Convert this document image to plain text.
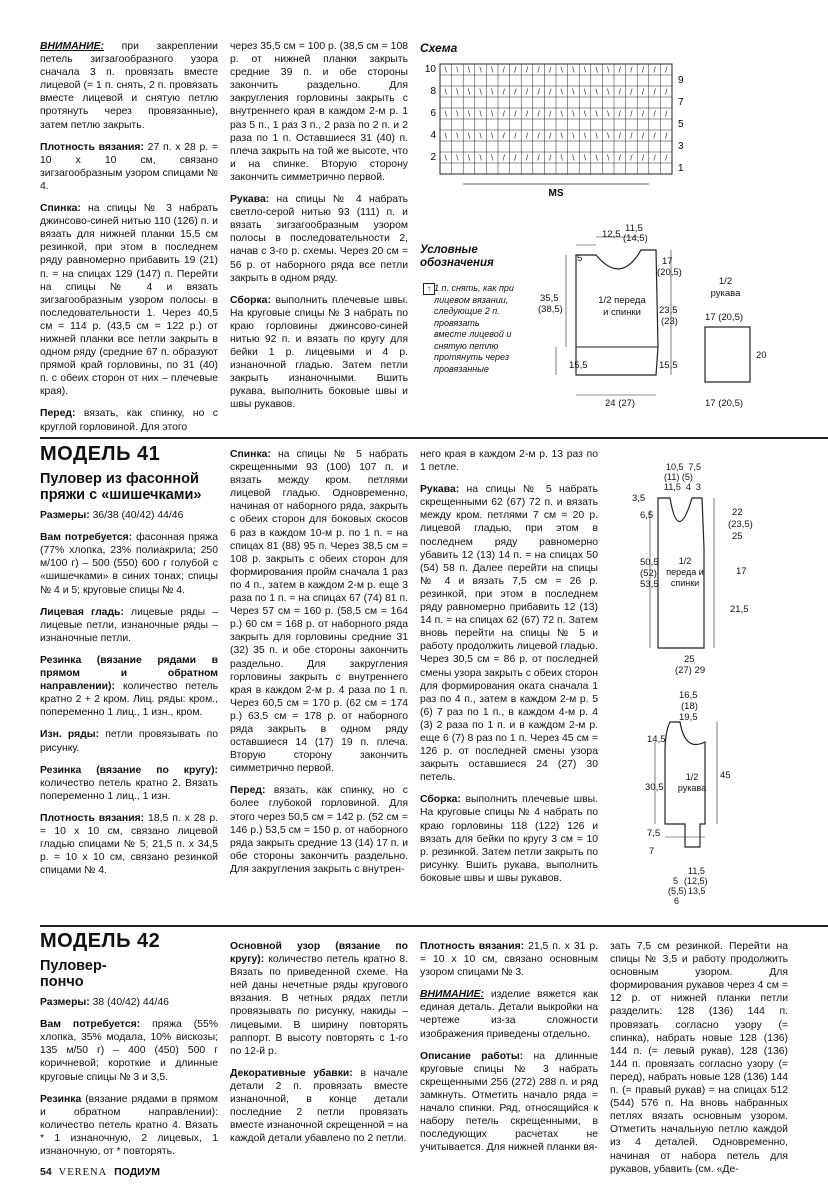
ВНИМАНИЕ: при закреплении петель зигзагообразного узора сначала 3 п. провязать вместе лицевой (= 1 п. снять, 2 п. провязать вместе лицевой и снятую петлю протянуть через провязанные), затем петлю закрыть.

Плотность вязания: 27 п. x 28 р. = 10 x 10 см, связано зигзагообразным узором спицами № 4.

Спинка: на спицы № 3 набрать джинсово-синей нитью 110 (126) п. и вязать для нижней планки 15,5 см резинкой, при этом в последнем ряду равномерно прибавить 19 (21) п. = на спицах 129 (147) п. Перейти на спицы № 4 и вязать зигзагообразным узором полосы в последовательности 1. Через 40,5 см = 114 р. (43,5 см = 122 р.) от нижней планки все петли закрыть в одном ряду (средние 67 п. образуют прямой край горловины, по 31 (40) п. с обеих сторон от них – плечевые края).

Перед: вязать, как спинку, но с круглой горловиной. Для этого

через 35,5 см = 100 р. (38,5 см = 108 р. от нижней планки закрыть средние 39 п. и обе стороны закончить раздельно. Для закругления горловины закрыть с внутреннего края в каждом 2-м р. 1 раз 5 п., 1 раз 3 п., 2 раза по 2 п. и 2 раза по 1 п. Оставшиеся 31 (40) п. плеча закрыть на той же высоте, что и на спинке. Вторую сторону закончить симметрично первой.

Рукава: на спицы № 4 набрать светло-серой нитью 93 (111) п. и вязать зигзагообразным узором полосы в последовательности 2, начав с 3-го р. схемы. Через 20 см = 56 р. от наборного ряда все петли закрыть в одном ряду.

Сборка: выполнить плечевые швы. На круговые спицы № 3 набрать по краю горловины джинсово-синей нитью 92 п. и вязать по кругу для бейки 1 р. лицевыми и 4 р. изнаночной гладью. Затем петли закрыть изнаночными. Вшить рукава, выполнить боковые швы и швы рукавов.

Схема
\ \ \ \ \ / / / / / \ \ \ \ \ / / / / /
\ \ \ \ \ / / / / / \ \ \ \ \ / / / / /
\ \ \ \ \ / / / / / \ \ \ \ \ / / / / /
\ \ \ \ \ / / / / / \ \ \ \ \ / / / / /
\ \ \ \ \ / / / / / \ \ \ \ \ / / / / /
MS
10
8
6
4
2
9
7
5
3
1
Условные обозначения
↑ 1 п. снять, как при лицевом вязании, следующие 2 п. провязать вместе лицевой и снятую петлю протянуть через провязанные
11,5
(14,5)
12,5
5	17
(20,5)
35,5
(38,5)	23,5
(23)
1/2 переда и спинки
15,5	15,5
24 (27)
1/2 рукава
17 (20,5)
20
17 (20,5)
МОДЕЛЬ 41
Пуловер из фасонной пряжи с «шишечками»

Размеры: 36/38 (40/42) 44/46

Вам потребуется: фасонная пряжа (77% хлопка, 23% полиакрила; 250 м/100 г) – 500 (550) 600 г голубой с «шишечками» в синих тонах; спицы № 4 и 5; круговые спицы № 4.

Лицевая гладь: лицевые ряды – лицевые петли, изнаночные ряды – изнаночные петли.

Резинка (вязание рядами в прямом и обратном направлении): количество петель кратно 2 + 2 кром. Лиц. ряды: кром., попеременно 1 лиц., 1 изн., кром.

Изн. ряды: петли провязывать по рисунку.

Резинка (вязание по кругу): количество петель кратно 2. Вязать попеременно 1 лиц., 1 изн.

Плотность вязания: 18,5 п. x 28 р. = 10 x 10 см, связано лицевой гладью спицами № 5; 21,5 п. x 34,5 р. = 10 x 10 см, связано резинкой спицами № 4.

Спинка: на спицы № 5 набрать скрещенными 93 (100) 107 п. и вязать между кром. петлями лицевой гладью. Одновременно, начиная от наборного ряда, закрыть с обеих сторон для боковых скосов 6 раз в каждом 10-м р. по 1 п. = на спицах 81 (88) 95 п. Через 38,5 см = 108 р. закрыть с обеих сторон для формирования пройм сначала 1 раз по 4 п., затем в каждом 2-м р. еще 3 раза по 1 п. = на спицах 67 (74) 81 п. Через 57 см = 160 р. (58,5 см = 164 р.) 60 см = 168 р. от наборного ряда закрыть для горловины средние 31 (32) 35 п. и обе стороны закончить раздельно. Для закругления горловины закрыть с внутреннего края в каждом 2-м р. 4 раза по 1 п. Через 60,5 см = 170 р. (62 см = 174 р.) 63,5 см = 178 р. от наборного ряда закрыть в одном ряду оставшиеся 14 (17) 19 п. плеча. Вторую сторону закончить симметрично первой.

Перед: вязать, как спинку, но с более глубокой горловиной. Для этого через 50,5 см = 142 р. (52 см = 146 р.) 53,5 см = 150 р. от наборного ряда закрыть средние 13 (14) 17 п. и обе стороны закончить раздельно. Для закругления закрыть с внутрен-

него края в каждом 2-м р. 13 раз по 1 петле.

Рукава: на спицы № 5 набрать скрещенными 62 (67) 72 п. и вязать между кром. петлями 7 см = 20 р. лицевой гладью, при этом в последнем ряду равномерно убавить 12 (13) 14 п. = на спицах 50 (54) 58 п. Далее перейти на спицы № 4 и вязать 7,5 см = 26 р. резинкой, при этом в последнем ряду равномерно прибавить 12 (13) 14 п. = на спицах 62 (67) 72 п. Затем вновь перейти на спицы № 5 и работу продолжить лицевой гладью. Через 30,5 см = 86 р. от последней смены узора закрыть с обеих сторон для формирования оката сначала 1 раз по 4 п., затем в каждом 2-м р. 5 (6) 7 раз по 1 п., в каждом 4-м р. 4 (3) 2 раза по 1 п. и в каждом 2-м р. еще 6 (7) 8 раз по 1 п. Через 45 см = 126 р. от последней смены узора закрыть оставшиеся 24 (27) 30 петель.

Сборка: выполнить плечевые швы. На круговые спицы № 4 набрать по краю горловины 118 (122) 126 и вязать для бейки по кругу 3 см = 10 р. резинкой. Затем петли закрыть по рисунку. Вшить рукава, выполнить боковые швы и швы рукавов.

10,5  7,5
(11) (5)
11,5  4  3
3,5
6,5	22
(23,5)
25
50,5
(52)
53,5
1/2 переда и спинки
17
21,5
25
(27) 29
16,5
(18)
19,5
14,5
30,5
45
1/2 рукава
7,5
7
11,5
(12,5)
13,5
5
(5,5)
6
МОДЕЛЬ 42
Пуловер-пончо

Размеры: 38 (40/42) 44/46

Вам потребуется: пряжа (55% хлопка, 35% модала, 10% вискозы; 135 м/50 г) – 400 (450) 500 г коричневой; короткие и длинные круговые спицы № 3 и 3,5.

Резинка (вязание рядами в прямом и обратном направлении): количество петель кратно 4. Вязать * 1 изнаночную, 2 лицевых, 1 изнаночную, от * повторять.

Основной узор (вязание по кругу): количество петель кратно 8. Вязать по приведенной схеме. На ней даны нечетные ряды кругового вязания. В четных рядах петли провязывать по рисунку, накиды – лицевыми. В ширину повторять раппорт. В высоту повторять с 1-го по 12-й р.

Декоративные убавки: в начале детали 2 п. провязать вместе изнаночной, в конце детали последние 2 петли провязать вместе изнаночной скрещенной = на каждой детали убавлено по 2 петли.

Плотность вязания: 21,5 п. x 31 р. = 10 x 10 см, связано основным узором спицами № 3.

ВНИМАНИЕ: изделие вяжется как единая деталь. Детали выкройки на чертеже из-за сложности изображения приведены отдельно.

Описание работы: на длинные круговые спицы № 3 набрать скрещенными 256 (272) 288 п. и ряд замкнуть. Отметить начало ряда = начало спинки. Ряд, относящийся к набору петель скрещенными, в последующих расчетах не учитывается. Для нижней планки вя-

зать 7,5 см резинкой. Перейти на спицы № 3,5 и работу продолжить основным узором. Для формирования рукавов через 4 см = 12 р. от нижней планки петли разделить: 128 (136) 144 п. провязать согласно узору (= спинка), набрать новые 128 (136) 144 п. (= левый рукав), 128 (136) 144 п. провязать согласно узору (= перед), набрать новые 128 (136) 144 п. (= правый рукав) = на спицах 512 (544) 576 п. На вновь набранных петлях вязать основным узором. Отметить начальную петлю каждой из 4 деталей. Одновременно, начиная от набора петель для рукавов, убавить (см. «Де-

54 VERENA ПОДИУМ
